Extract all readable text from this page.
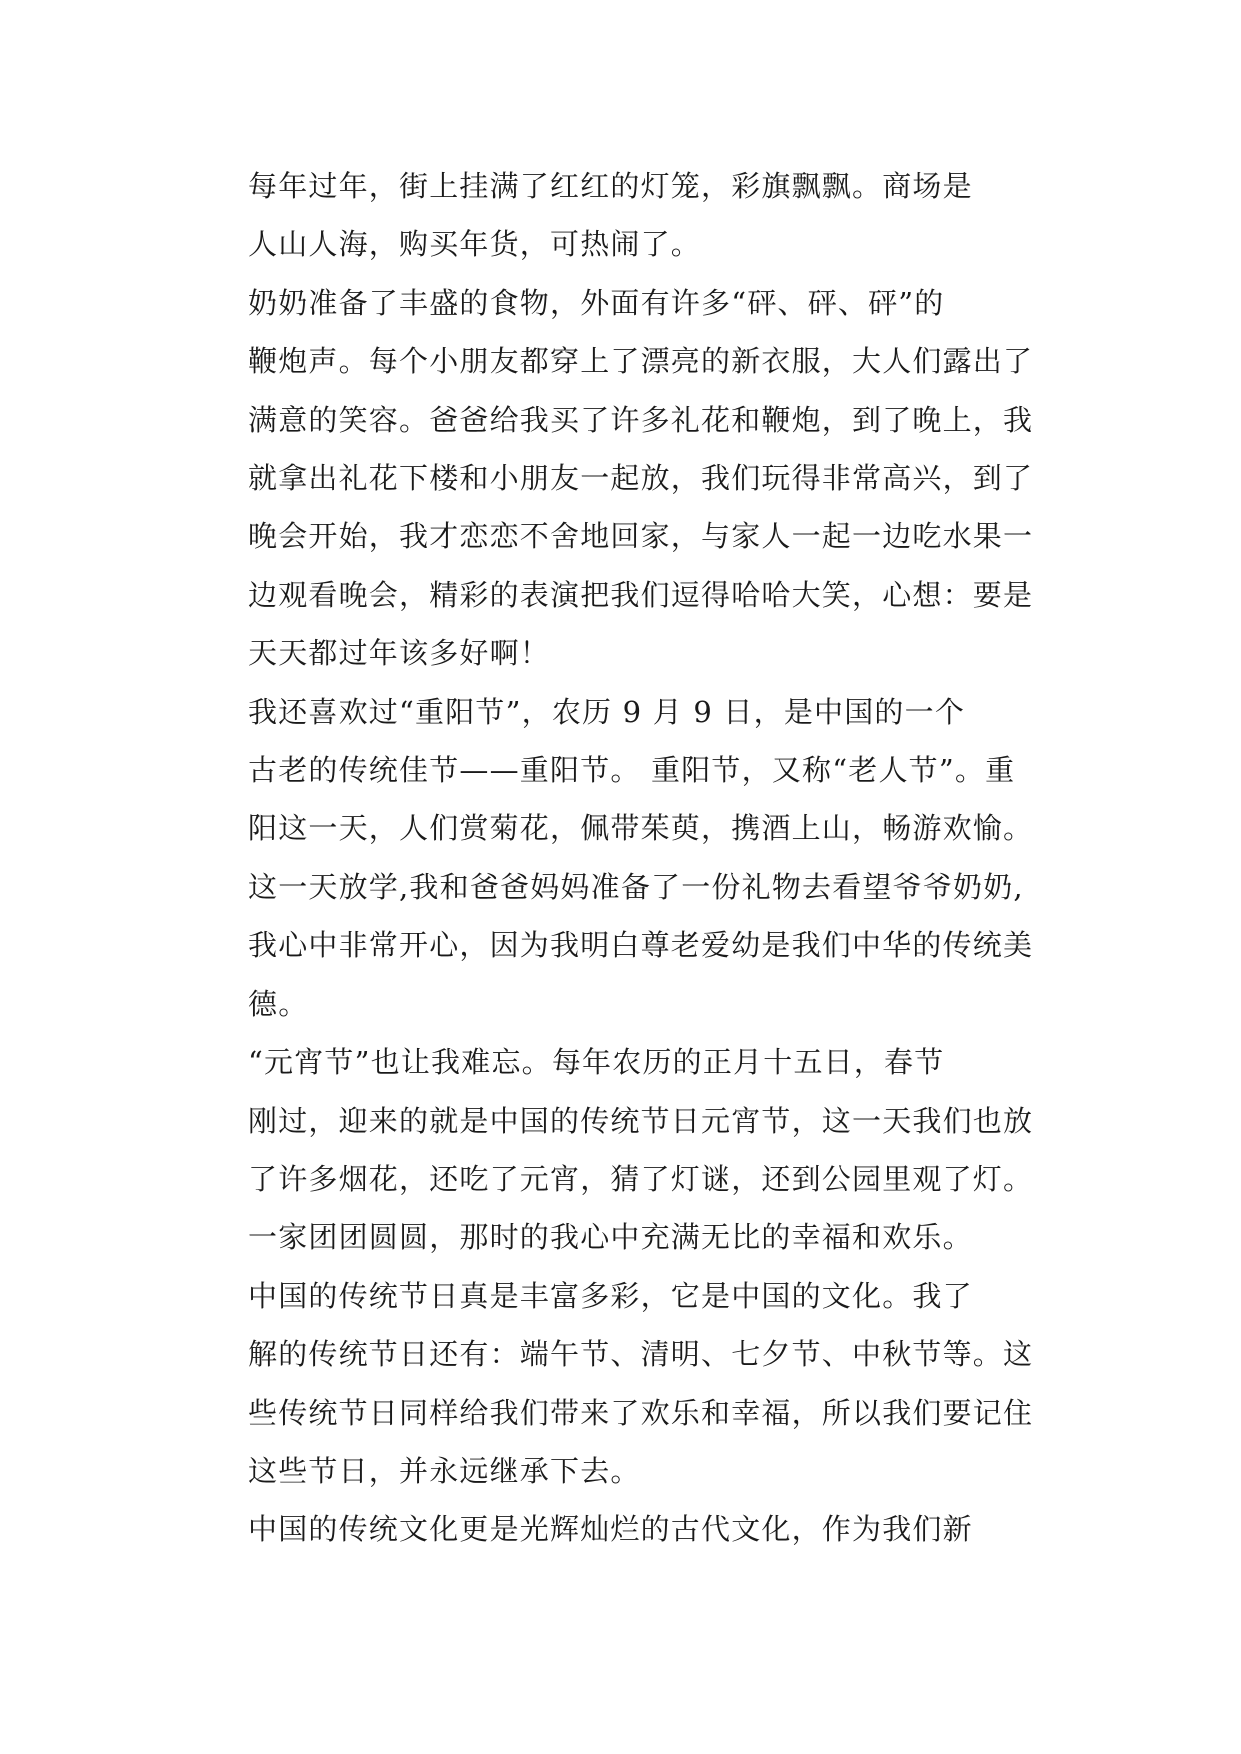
每年过年，街上挂满了红红的灯笼，彩旗飘飘。商场是
人山人海，购买年货，可热闹了。

奶奶准备了丰盛的食物，外面有许多“砰、砰、砰”的
鞭炮声。每个小朋友都穿上了漂亮的新衣服，大人们露出了
满意的笑容。爸爸给我买了许多礼花和鞭炮，到了晚上，我
就拿出礼花下楼和小朋友一起放，我们玩得非常高兴，到了
晚会开始，我才恋恋不舍地回家，与家人一起一边吃水果一
边观看晚会，精彩的表演把我们逗得哈哈大笑，心想：要是
天天都过年该多好啊！

我还喜欢过“重阳节”，农历 9 月 9 日，是中国的一个
古老的传统佳节——重阳节。 重阳节，又称“老人节”。重
阳这一天，人们赏菊花，佩带茱萸，携酒上山，畅游欢愉。
这一天放学,我和爸爸妈妈准备了一份礼物去看望爷爷奶奶,
我心中非常开心，因为我明白尊老爱幼是我们中华的传统美
德。

“元宵节”也让我难忘。每年农历的正月十五日，春节
刚过，迎来的就是中国的传统节日元宵节，这一天我们也放
了许多烟花，还吃了元宵，猜了灯谜，还到公园里观了灯。
一家团团圆圆，那时的我心中充满无比的幸福和欢乐。

中国的传统节日真是丰富多彩，它是中国的文化。我了
解的传统节日还有：端午节、清明、七夕节、中秋节等。这
些传统节日同样给我们带来了欢乐和幸福，所以我们要记住
这些节日，并永远继承下去。

中国的传统文化更是光辉灿烂的古代文化，作为我们新
